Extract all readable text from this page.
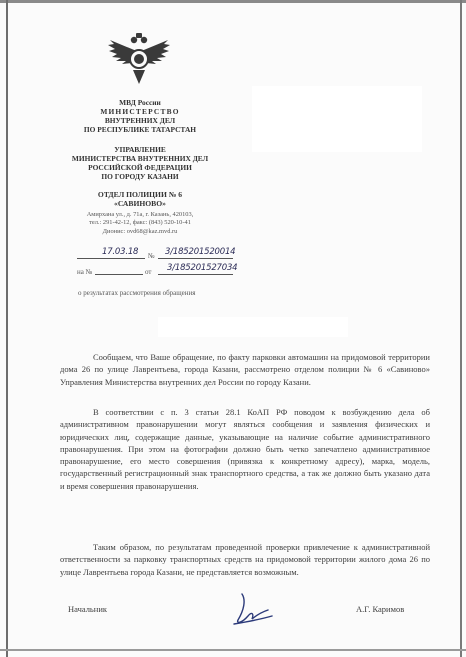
МВД России
МИНИСТЕРСТВО
ВНУТРЕННИХ ДЕЛ
ПО РЕСПУБЛИКЕ ТАТАРСТАН
УПРАВЛЕНИЕ
МИНИСТЕРСТВА ВНУТРЕННИХ ДЕЛ
РОССИЙСКОЙ ФЕДЕРАЦИИ
ПО ГОРОДУ КАЗАНИ
ОТДЕЛ ПОЛИЦИИ № 6
«САВИНОВО»
Амирхана ул., д. 71а, г. Казань, 420103,
тел.: 291-42-12, факс: (843) 520-10-41
Дионис: ovd68@kaz.mvd.ru
17.03.18 № 3/185201520014
на №	от 3/185201527034
о результатах рассмотрения обращения
Сообщаем, что Ваше обращение, по факту парковки автомашин на придомовой территории дома 26 по улице Лаврентьева, города Казани, рассмотрено отделом полиции № 6 «Савиново» Управления Министерства внутренних дел России по городу Казани.
В соответствии с п. 3 статьи 28.1 КоАП РФ поводом к возбуждению дела об административном правонарушении могут являться сообщения и заявления физических и юридических лиц, содержащие данные, указывающие на наличие событие административного правонарушения. При этом на фотографии должно быть четко запечатлено административное правонарушение, его место совершения (привязка к конкретному адресу), марка, модель, государственный регистрационный знак транспортного средства, а так же должно быть указано дата и время совершения правонарушения.
Таким образом, по результатам проведенной проверки привлечение к административной ответственности за парковку транспортных средств на придомовой территории жилого дома 26 по улице Лаврентьева города Казани, не представляется возможным.
Начальник	А.Г. Каримов
